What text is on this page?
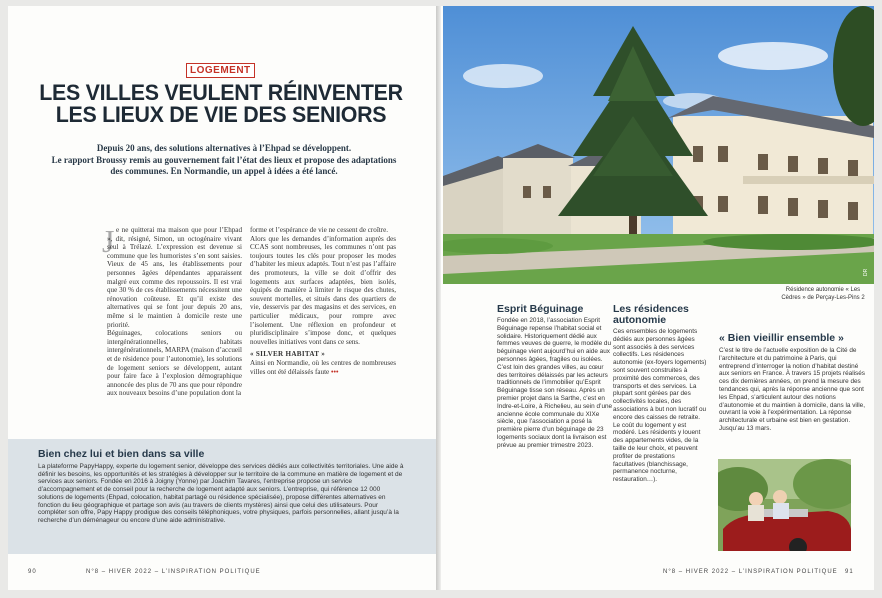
LOGEMENT
LES VILLES VEULENT RÉINVENTER
LES LIEUX DE VIE DES SENIORS
Depuis 20 ans, des solutions alternatives à l’Ehpad se développent.
Le rapport Broussy remis au gouvernement fait l’état des lieux et propose des adaptations
des communes. En Normandie, un appel à idées a été lancé.
J e ne quitterai ma maison que pour l’Ehpad », dit, résigné, Simon, un octogénaire vivant seul à Trélazé. L’expression est devenue si commune que les humoristes s’en sont saisies. Vieux de 45 ans, les établissements pour personnes âgées dépendantes apparaissent malgré eux comme des repoussoirs. Il est vrai que 30 % de ces établissements nécessitent une rénovation coûteuse. Et qu’il existe des alternatives qui se font jour depuis 20 ans, même si le maintien à domicile reste une priorité.

Béguinages, colocations seniors ou intergénérationnelles, habitats intergénérationnels, MARPA (maison d’accueil et de résidence pour l’autonomie), les solutions de logement seniors se développent, autant pour faire face à l’explosion démographique annoncée des plus de 70 ans que pour répondre aux nouveaux besoins d’une population dont la

forme et l’espérance de vie ne cessent de croître.

Alors que les demandes d’information auprès des CCAS sont nombreuses, les communes n’ont pas toujours toutes les clés pour proposer les modes d’habiter les mieux adaptés. Tout n’est pas l’affaire des promoteurs, la ville se doit d’offrir des logements aux surfaces adaptées, bien isolés, équipés de manière à limiter le risque des chutes, souvent mortelles, et situés dans des quartiers de vie, desservis par des magasins et des services, en particulier médicaux, pour rompre avec l’isolement. Une réflexion en profondeur et pluridisciplinaire s’impose donc, et quelques nouvelles initiatives vont dans ce sens.

« SILVER HABITAT »

Ainsi en Normandie, où les centres de nombreuses villes ont été délaissés faute •••

Bien chez lui et bien dans sa ville
La plateforme PapyHappy, experte du logement senior, développe des services dédiés aux collectivités territoriales. Une aide à définir les besoins, les opportunités et les stratégies à développer sur le territoire de la commune en matière de logement et de services aux seniors. Fondée en 2016 à Joigny (Yonne) par Joachim Tavares, l’entreprise propose un service d’accompagnement et de conseil pour la recherche de logement adapté aux seniors. L’entreprise, qui référence 12 000 solutions de logements (Ehpad, colocation, habitat partagé ou résidence spécialisée), propose différentes alternatives en fonction du lieu géographique et partage son avis (au travers de clients mystères) ainsi que celui des utilisateurs. Pour compléter son offre, Papy Happy prodigue des conseils téléphoniques, votre physiques, parfois personnelles, allant jusqu’à la recherche d’un déménageur ou encore d’une aide administrative.
90	N°8 – HIVER 2022 – L’INSPIRATION POLITIQUE
DR
Résidence autonomie « Les Cèdres » de Perçay-Les-Pins 2
Esprit Béguinage
Fondée en 2018, l’association Esprit Béguinage repense l’habitat social et solidaire. Historiquement dédié aux femmes veuves de guerre, le modèle du béguinage vient aujourd’hui en aide aux personnes âgées, fragiles ou isolées. C’est loin des grandes villes, au cœur des territoires délaissés par les acteurs traditionnels de l’immobilier qu’Esprit Béguinage tisse son réseau. Après un premier projet dans la Sarthe, c’est en Indre-et-Loire, à Richelieu, au sein d’une ancienne école communale du XIXe siècle, que l’association a posé la première pierre d’un béguinage de 23 logements sociaux dont la livraison est prévue au premier trimestre 2023.
Les résidences autonomie
Ces ensembles de logements dédiés aux personnes âgées sont associés à des services collectifs. Les résidences autonomie (ex-foyers logements) sont souvent construites à proximité des commerces, des transports et des services. La plupart sont gérées par des collectivités locales, des associations à but non lucratif ou encore des caisses de retraite. Le coût du logement y est modéré. Les résidents y louent des appartements vides, de la taille de leur choix, et peuvent profiter de prestations facultatives (blanchissage, permanence nocturne, restauration…).
« Bien vieillir ensemble »
C’est le titre de l’actuelle exposition de la Cité de l’architecture et du patrimoine à Paris, qui entreprend d’interroger la notion d’habitat destiné aux seniors en France. À travers 15 projets réalisés ces dix dernières années, on prend la mesure des tendances qui, après la réponse ancienne que sont les Ehpad, s’articulent autour des notions d’autonomie et du maintien à domicile, dans la ville, ouvrant la voie à l’expérimentation. La réponse architecturale et urbaine est bien en gestation. Jusqu’au 13 mars.
N°8 – HIVER 2022 – L’INSPIRATION POLITIQUE 91
